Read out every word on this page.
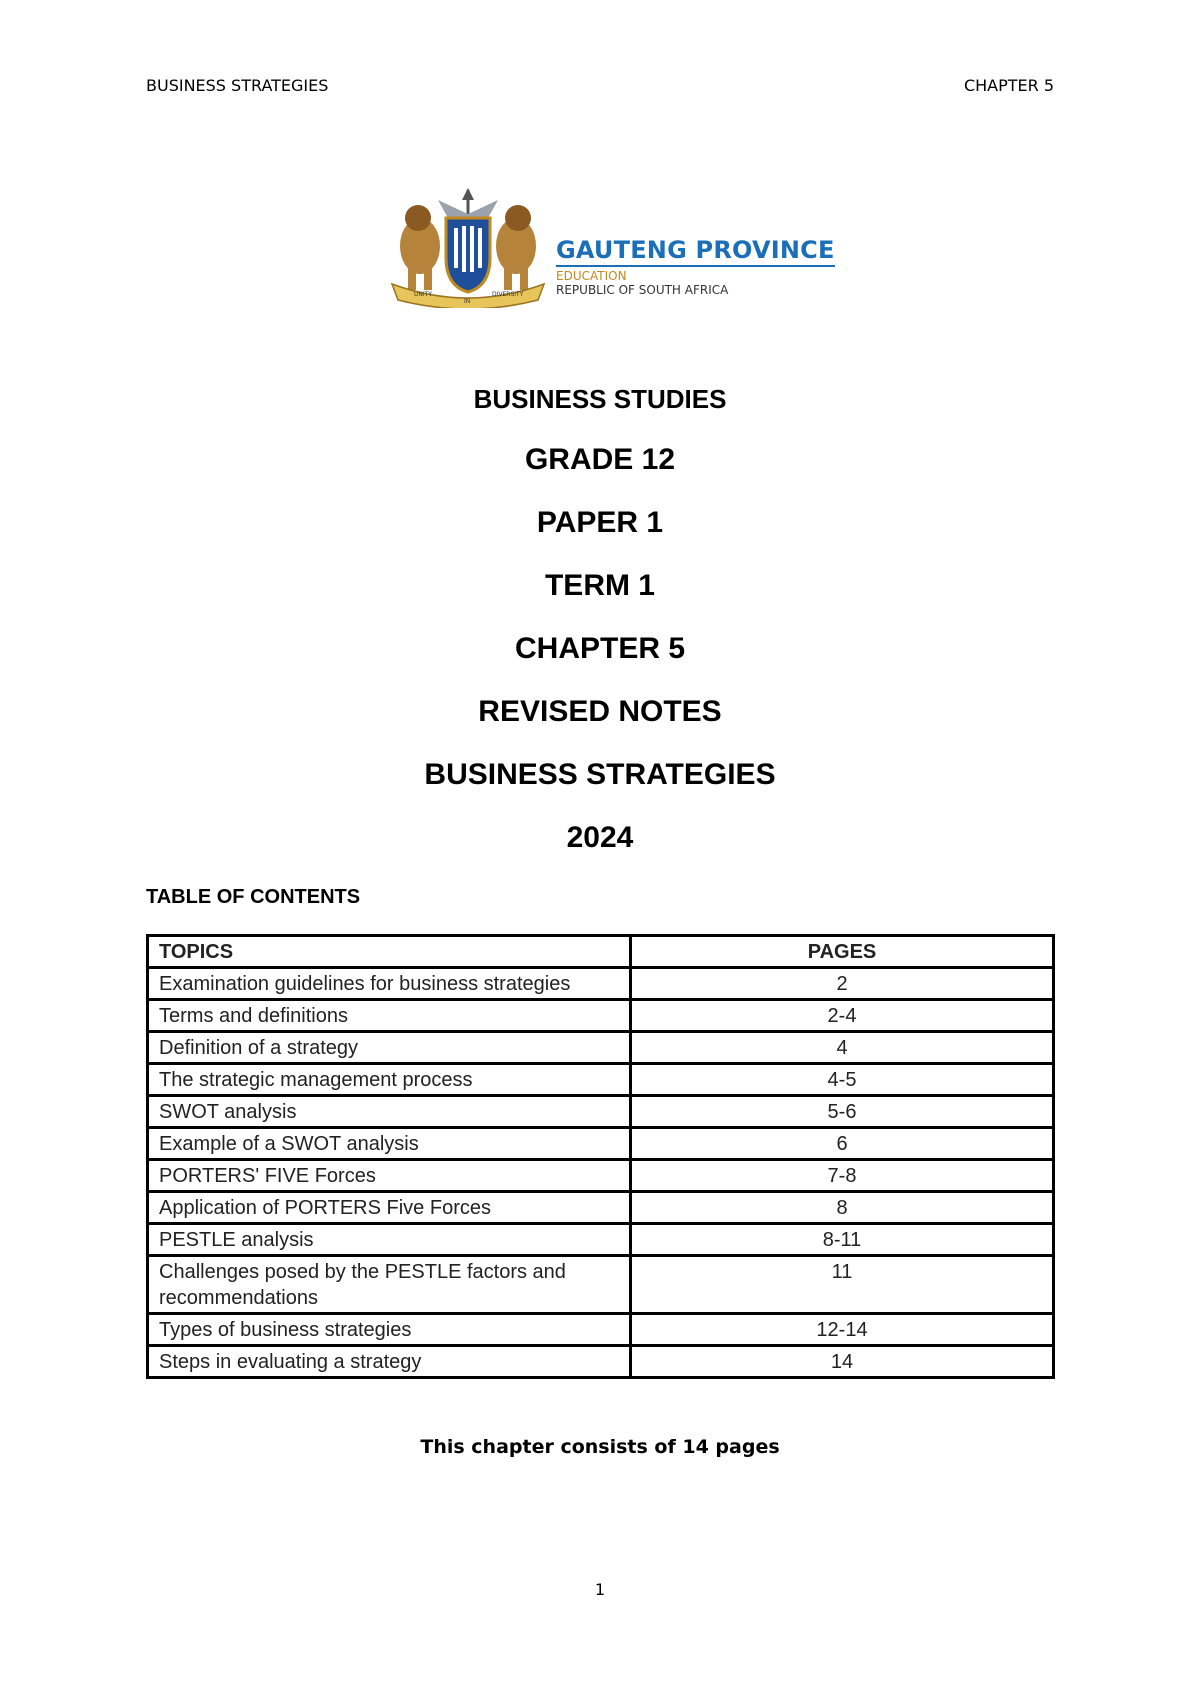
BUSINESS STRATEGIES	CHAPTER 5
UNITY
IN
DIVERSITY
GAUTENG PROVINCE
EDUCATION
REPUBLIC OF SOUTH AFRICA
BUSINESS STUDIES
GRADE 12
PAPER 1
TERM 1
CHAPTER 5
REVISED NOTES
BUSINESS STRATEGIES
2024
TABLE OF CONTENTS
TOPICS	PAGES
Examination guidelines for business strategies	2
Terms and definitions	2-4
Definition of a strategy	4
The strategic management process	4-5
SWOT analysis	5-6
Example of a SWOT analysis	6
PORTERS' FIVE Forces	7-8
Application of PORTERS Five Forces	8
PESTLE analysis	8-11
Challenges posed by the PESTLE factors and recommendations	11
Types of business strategies	12-14
Steps in evaluating a strategy	14
This chapter consists of 14 pages
1
